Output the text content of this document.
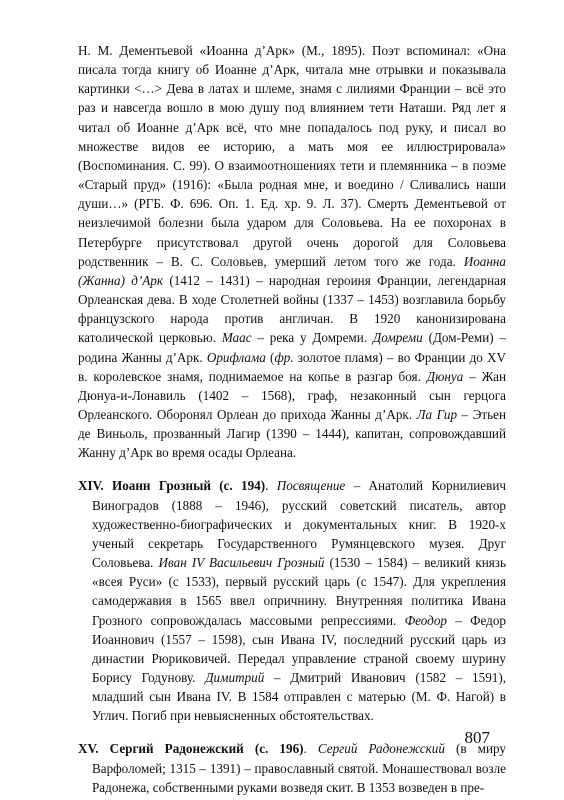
Н. М. Дементьевой «Иоанна д’Арк» (М., 1895). Поэт вспоминал: «Она писала тогда книгу об Иоанне д’Арк, читала мне отрывки и показывала картинки <…> Дева в латах и шлеме, знамя с лилиями Франции – всё это раз и навсегда вошло в мою душу под влиянием тети Наташи. Ряд лет я читал об Иоанне д’Арк всё, что мне попадалось под руку, и писал во множестве видов ее историю, а мать моя ее иллюстрировала» (Воспоминания. С. 99). О взаимоотношениях тети и племянника – в поэме «Старый пруд» (1916): «Была родная мне, и воедино / Сливались наши души…» (РГБ. Ф. 696. Оп. 1. Ед. хр. 9. Л. 37). Смерть Дементьевой от неизлечимой болезни была ударом для Соловьева. На ее похоронах в Петербурге присутствовал другой очень дорогой для Соловьева родственник – В. С. Соловьев, умерший летом того же года. Иоанна (Жанна) д’Арк (1412 – 1431) – народная героиня Франции, легендарная Орлеанская дева. В ходе Столетней войны (1337 – 1453) возглавила борьбу французского народа против англичан. В 1920 канонизирована католической церковью. Маас – река у Домреми. Домреми (Дом-Реми) – родина Жанны д’Арк. Орифлама (фр. золотое пламя) – во Франции до XV в. королевское знамя, поднимаемое на копье в разгар боя. Дюнуа – Жан Дюнуа-и-Лонавиль (1402 – 1568), граф, незаконный сын герцога Орлеанского. Оборонял Орлеан до прихода Жанны д’Арк. Ла Гир – Этьен де Виньоль, прозванный Лагир (1390 – 1444), капитан, сопровождавший Жанну д’Арк во время осады Орлеана.

XIV. Иоанн Грозный (с. 194). Посвящение – Анатолий Корнилиевич Виноградов (1888 – 1946), русский советский писатель, автор художественно-биографических и документальных книг. В 1920-х ученый секретарь Государственного Румянцевского музея. Друг Соловьева. Иван IV Васильевич Грозный (1530 – 1584) – великий князь «всея Руси» (с 1533), первый русский царь (с 1547). Для укрепления самодержавия в 1565 ввел опричнину. Внутренняя политика Ивана Грозного сопровождалась массовыми репрессиями. Феодор – Федор Иоаннович (1557 – 1598), сын Ивана IV, последний русский царь из династии Рюриковичей. Передал управление страной своему шурину Борису Годунову. Димитрий – Дмитрий Иванович (1582 – 1591), младший сын Ивана IV. В 1584 отправлен с матерью (М. Ф. Нагой) в Углич. Погиб при невыясненных обстоятельствах.

XV. Сергий Радонежский (с. 196). Сергий Радонежский (в миру Варфоломей; 1315 – 1391) – православный святой. Монашествовал возле Радонежа, собственными руками возведя скит. В 1353 возведен в пре-

807
